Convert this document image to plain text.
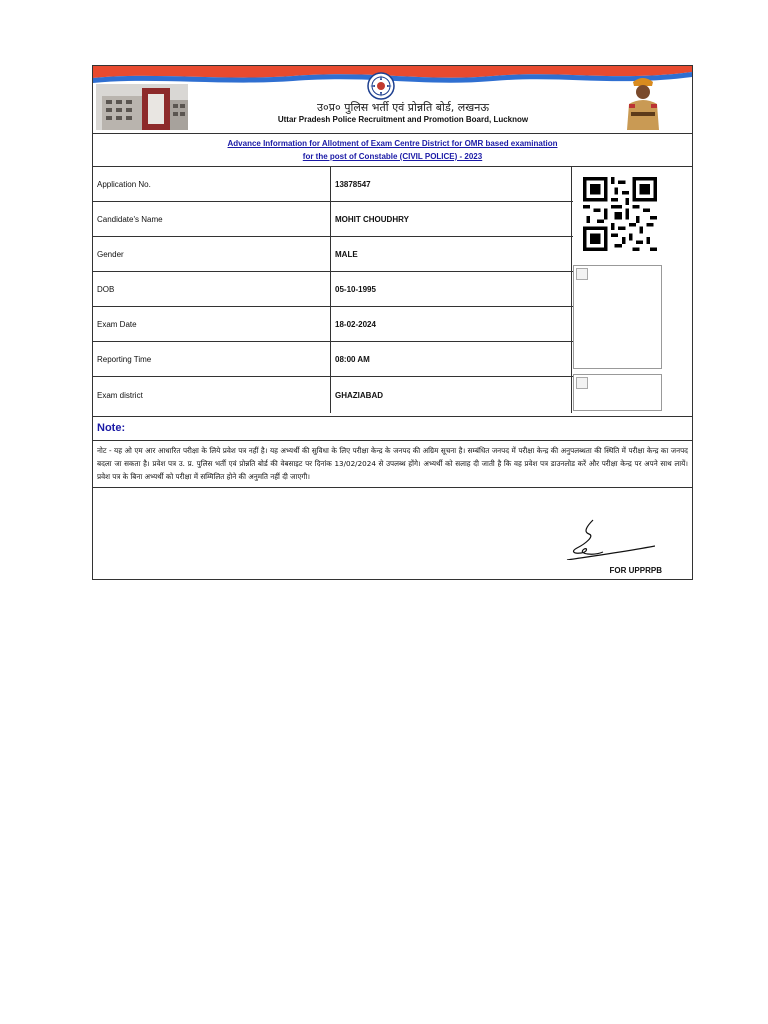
उ०प्र० पुलिस भर्ती एवं प्रोन्नति बोर्ड, लखनऊ
Uttar Pradesh Police Recruitment and Promotion Board, Lucknow
Advance Information for Allotment of Exam Centre District for OMR based examination
for the post of Constable (CIVIL POLICE) - 2023
Application No.	13878547
Candidate's Name	MOHIT CHOUDHRY
Gender	MALE
DOB	05-10-1995
Exam Date	18-02-2024
Reporting Time	08:00 AM
Exam district	GHAZIABAD
Note:
नोट - यह ओ एम आर आधारित परीक्षा के लिये प्रवेश पत्र नहीं है। यह अभ्यर्थी की सुविधा के लिए परीक्षा केन्द्र के जनपद की अग्रिम सूचना है। सम्बंधित जनपद में परीक्षा केन्द्र की अनुपलब्धता की स्थिति में परीक्षा केन्द्र का जनपद बदला जा सकता है। प्रवेश पत्र उ. प्र. पुलिस भर्ती एवं प्रोन्नति बोर्ड की वेबसाइट पर दिनांक 13/02/2024 से उपलब्ध होंगे। अभ्यर्थी को सलाह दी जाती है कि वह प्रवेश पत्र डाउनलोड करें और परीक्षा केन्द्र पर अपने साथ लायें। प्रवेश पत्र के बिना अभ्यर्थी को परीक्षा में सम्मिलित होने की अनुमति नहीं दी जाएगी।
FOR UPPRPB
